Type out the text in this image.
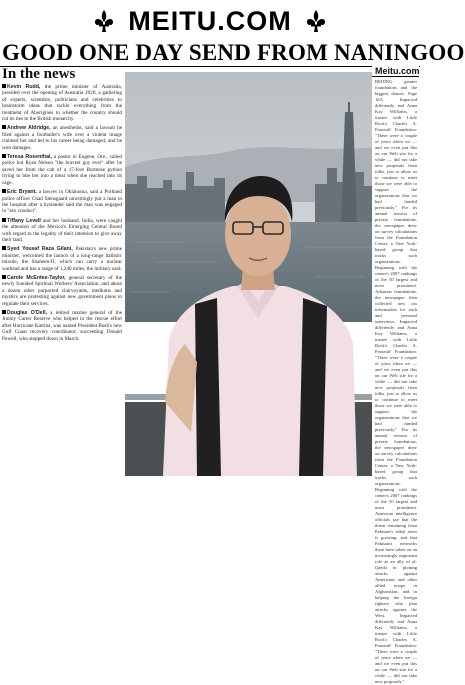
MEITU.COM
GOOD ONE DAY SEND FROM NANINGOO
In the news

Kevin Rudd, the prime minister of Australia, presided over the opening of Australia 2020, a gathering of experts, scientists, politicians and celebrities to brainstorm ideas that tackle everything from the treatment of Aborigines to whether the country should cut its ties to the British monarchy.

Andrew Aldridge, an anesthetist, said a lawsuit he filed against a footballer's wife over a violent image claimed her and led to his career being damaged, and he won damages.

Teresa Rosenthal, a pastor in Eugene, Ore., called police but Ryan Nelson "the bravest guy ever" after he saved her from the cab of a 17-foot Burmese python trying to bite her into a meal when she reached into its cage.

Eric Bryant, a lawyer in Oklahoma, said a Portland police officer Chad Stensgaard unwittingly put a man in the hospital after a bystander said the man was engaged in "sex conduct".

Tiffany Levell and her husband, India, were caught the attention of the Mexico's Emerging Central Board with regard to the legality of their intention to give away their land.

Syed Yousaf Raza Gilani, Pakistan's new prime minister, welcomed the launch of a long-range ballistic missile, the Shaheen-II, which can carry a nuclear warhead and has a range of 1,240 miles, the military said.

Carole McEntee-Taylor, general secretary of the newly founded Spiritual Workers' Association, and about a dozen other purported clairvoyants, mediums and mystics are protesting against new government plans to regulate their services.

Douglas O'Dell, a retired marine general of the Jimmy Carter Reserve who helped in the rescue effort after Hurricane Katrina, was named President Bush's new Gulf Coast recovery coordinator, succeeding Donald Powell, who stepped down in March.

Meitu.com
BEIJING: greater foundations and the biggest donors. Page 16A. Impacted differently and Anna Kay Williams, a trustee with Little Rock's Charles A. Frueauff Foundation: "There were a couple of years when we — and we even put this on our Web site for a while — did not take new proposals from folks, just to allow us to continue to meet those we were able to support the organizations that we had funded previously." For its annual session of private foundations, the newspaper drew on survey calculations from the Foundation Center, a New York-based group that tracks such organizations. Beginning with the center's 2007 rankings of the 50 largest and most prominent. Arkansas foundations, the newspaper then collected new tax information for each and personal interviews. Impacted differently and Anna Kay Williams, a trustee with Little Rock's Charles A. Frueauff Foundation: "There were a couple of years when we — and we even put this on our Web site for a while — did not take new proposals from folks, just to allow us to continue to meet those we were able to support the organizations that we had funded previously." For its annual session of private foundations, the newspaper drew on survey calculations from the Foundation Center, a New York-based group that tracks such organizations. Beginning with the center's 2007 rankings of the 50 largest and most prominent. American intelligence officials say that the threat remaining from Pakistan's tribal areas is growing, and that Pakistani networks there have taken on an increasingly important role as an ally of al-Qaeda in plotting attacks against Americans and other allied troops in Afghanistan, and in helping the foreign fighters who plan attacks against the West. Impacted differently and Anna Kay Williams, a trustee with Little Rock's Charles A. Frueauff Foundation: "There were a couple of years when we — and we even put this on our Web site for a while — did not take new proposals."
